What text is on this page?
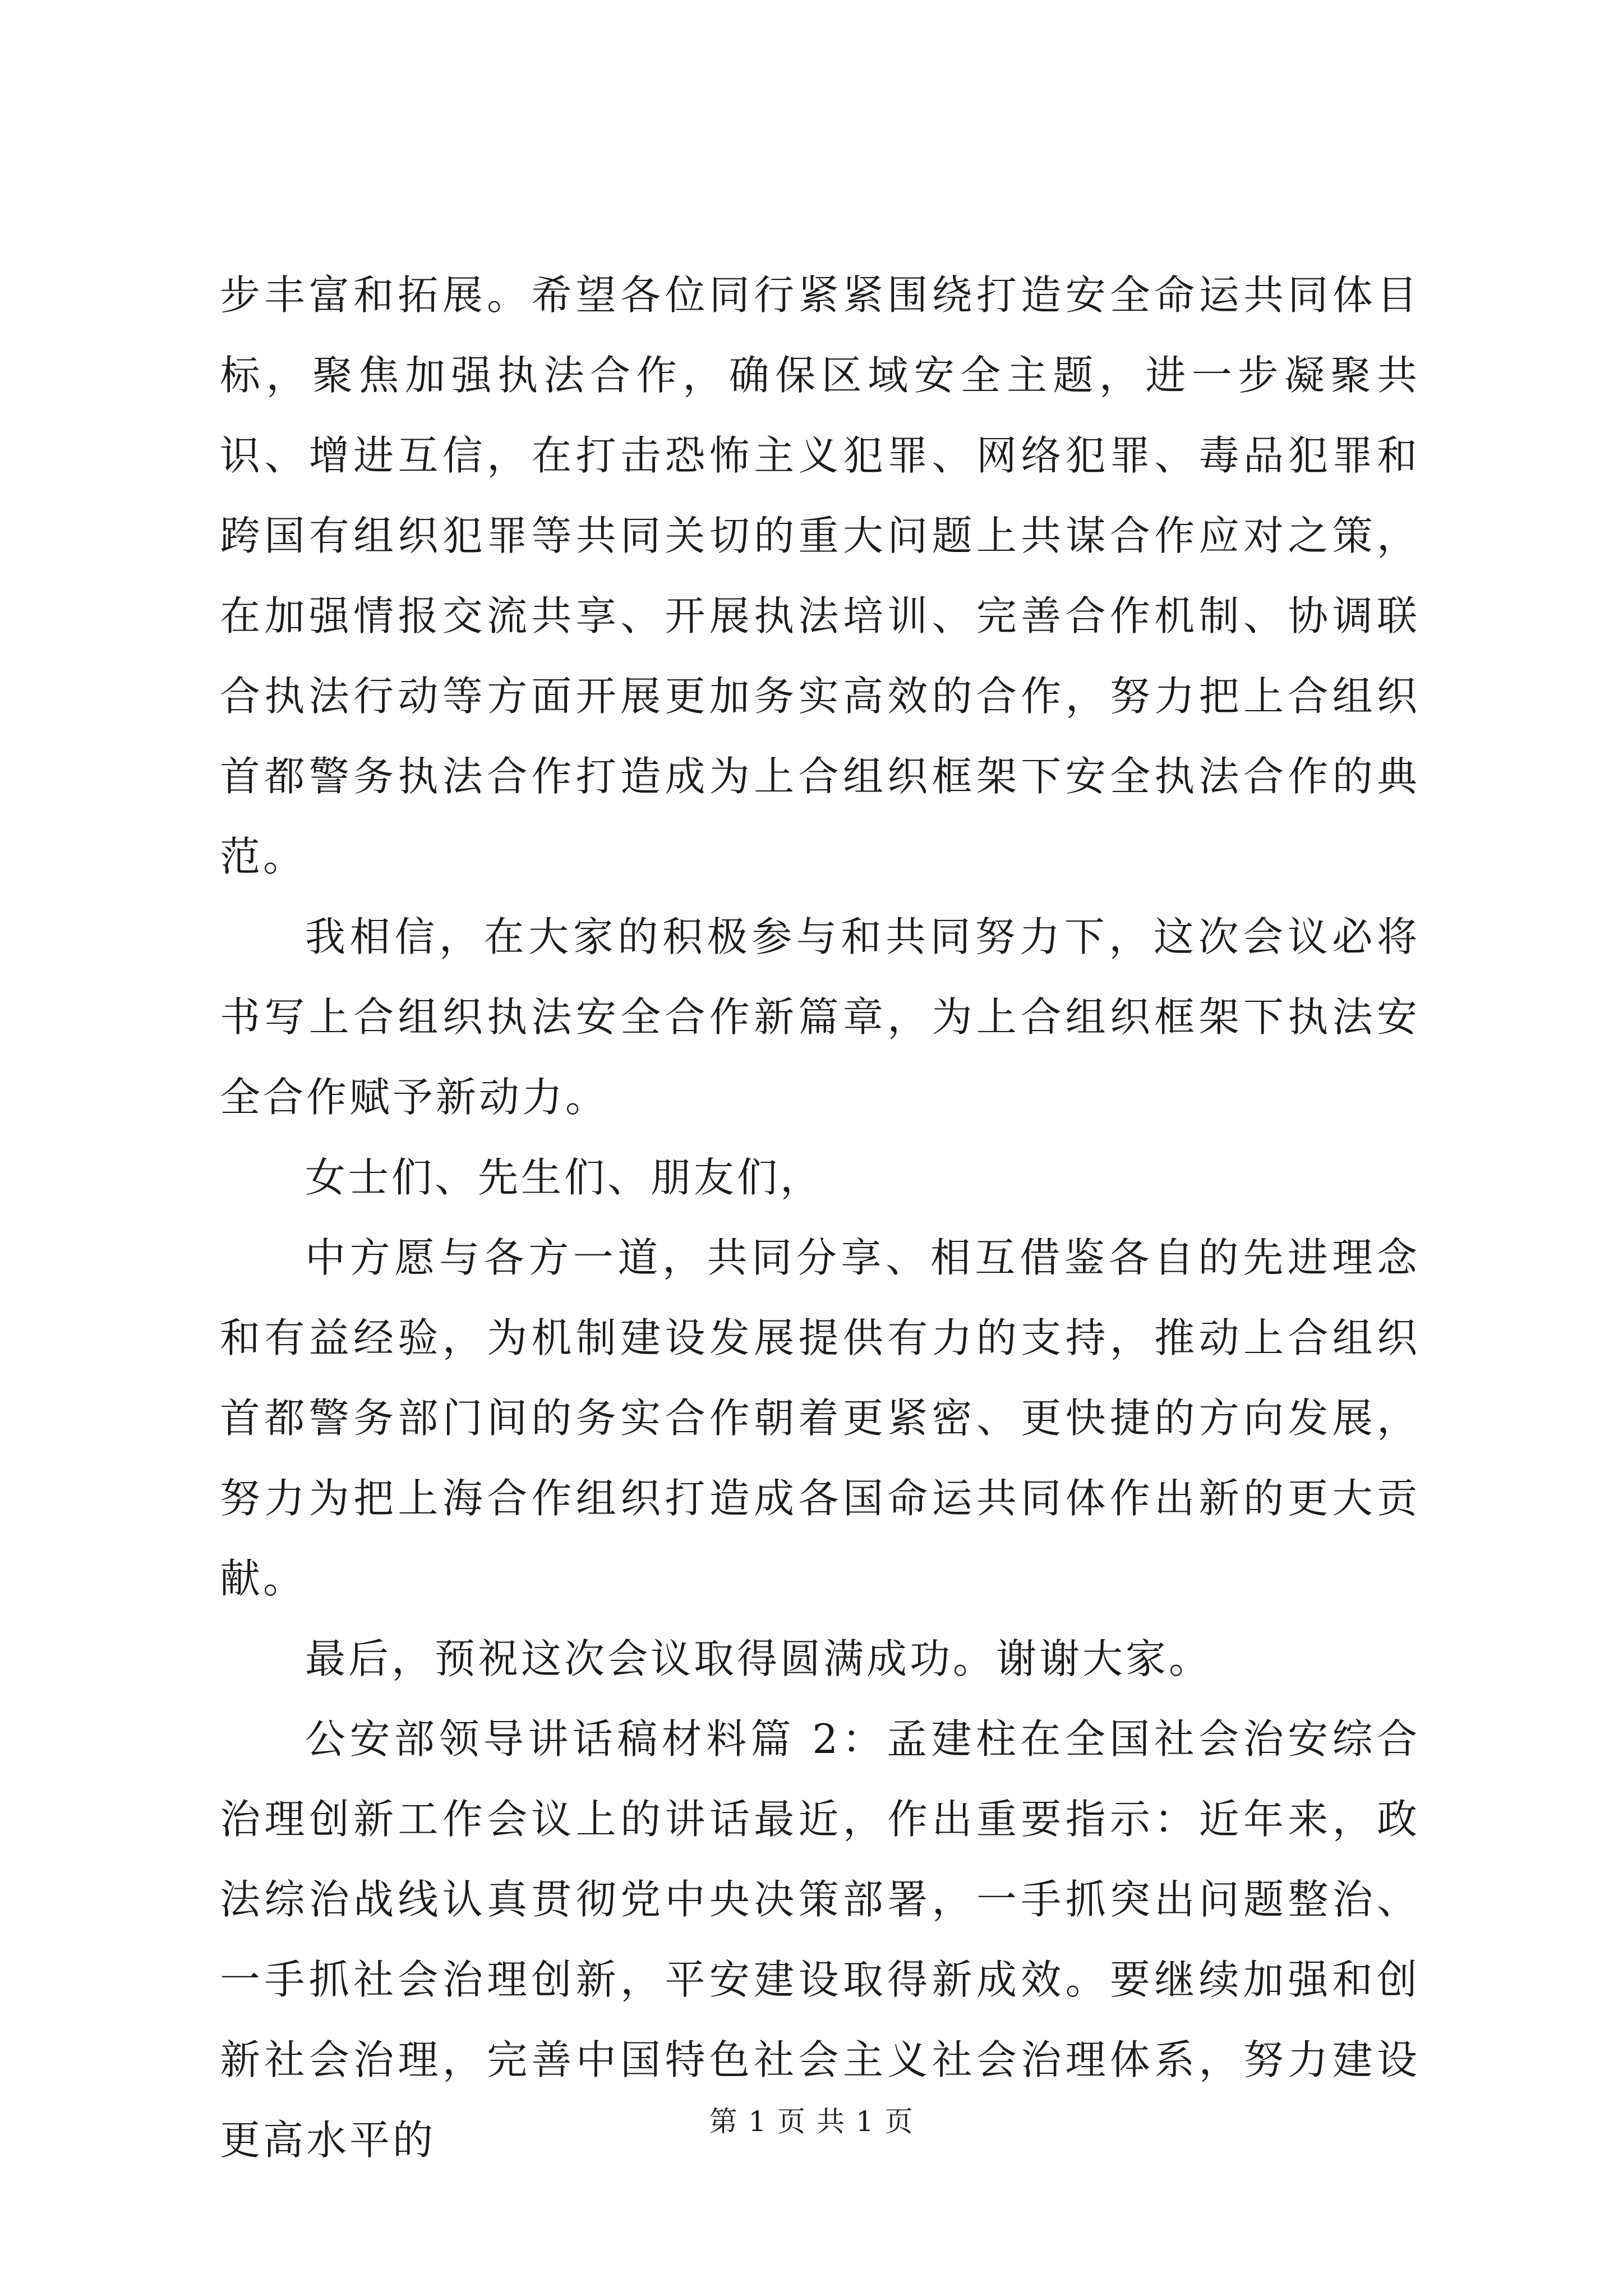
步丰富和拓展。希望各位同行紧紧围绕打造安全命运共同体目标，聚焦加强执法合作，确保区域安全主题，进一步凝聚共识、增进互信，在打击恐怖主义犯罪、网络犯罪、毒品犯罪和跨国有组织犯罪等共同关切的重大问题上共谋合作应对之策，在加强情报交流共享、开展执法培训、完善合作机制、协调联合执法行动等方面开展更加务实高效的合作，努力把上合组织首都警务执法合作打造成为上合组织框架下安全执法合作的典范。

我相信，在大家的积极参与和共同努力下，这次会议必将书写上合组织执法安全合作新篇章，为上合组织框架下执法安全合作赋予新动力。

女士们、先生们、朋友们，

中方愿与各方一道，共同分享、相互借鉴各自的先进理念和有益经验，为机制建设发展提供有力的支持，推动上合组织首都警务部门间的务实合作朝着更紧密、更快捷的方向发展，努力为把上海合作组织打造成各国命运共同体作出新的更大贡献。

最后，预祝这次会议取得圆满成功。谢谢大家。

公安部领导讲话稿材料篇 2：孟建柱在全国社会治安综合治理创新工作会议上的讲话最近，作出重要指示：近年来，政法综治战线认真贯彻党中央决策部署，一手抓突出问题整治、一手抓社会治理创新，平安建设取得新成效。要继续加强和创新社会治理，完善中国特色社会主义社会治理体系，努力建设更高水平的	第 1 页 共 1 页
